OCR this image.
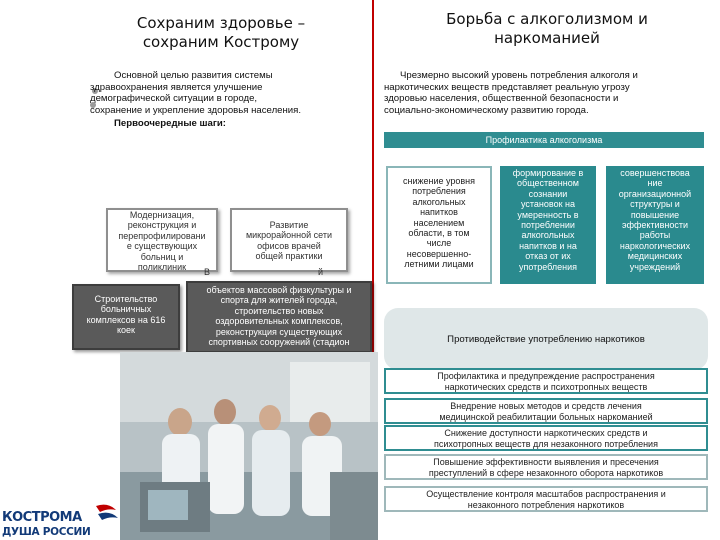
Сохраним здоровье –
сохраним Кострому
Основной целью развития системы
здравоохранения является улучшение
демографической ситуации в городе,
сохранение и укрепление здоровья населения.
Первоочередные шаги:
Модернизация,
реконструкция и
перепрофилировани
е существующих
больниц и
поликлиник
Развитие
микрорайонной сети
офисов врачей
общей практики
В	й
Строительство
больничных
комплексов на 616
коек
объектов массовой физкультуры и
спорта для жителей города,
строительство новых
оздоровительных комплексов,
реконструкция существующих
спортивных сооружений (стадион
КОСТРОМА
ДУША РОССИИ
Борьба с алкоголизмом и
наркоманией
Чрезмерно высокий уровень потребления алкоголя и
наркотических веществ представляет реальную угрозу
здоровью населения, общественной безопасности и
социально-экономическому развитию города.
Профилактика алкоголизма
снижение уровня
потребления
алкогольных
напитков
населением
области, в том
числе
несовершенно-
летними лицами
формирование в
общественном
сознании
установок на
умеренность в
потреблении
алкогольных
напитков и на
отказ от их
употребления
совершенствова
ние
организационной
структуры и
повышение
эффективности
работы
наркологических
медицинских
учреждений
Противодействие употреблению наркотиков
Профилактика и предупреждение распространения
наркотических средств и психотропных веществ
Внедрение новых методов и средств лечения
медицинской реабилитации больных наркоманией
Снижение доступности наркотических средств и
психотропных веществ для незаконного потребления
Повышение эффективности выявления и пресечения
преступлений в сфере незаконного оборота наркотиков
Осуществление контроля масштабов распространения и
незаконного потребления наркотиков
